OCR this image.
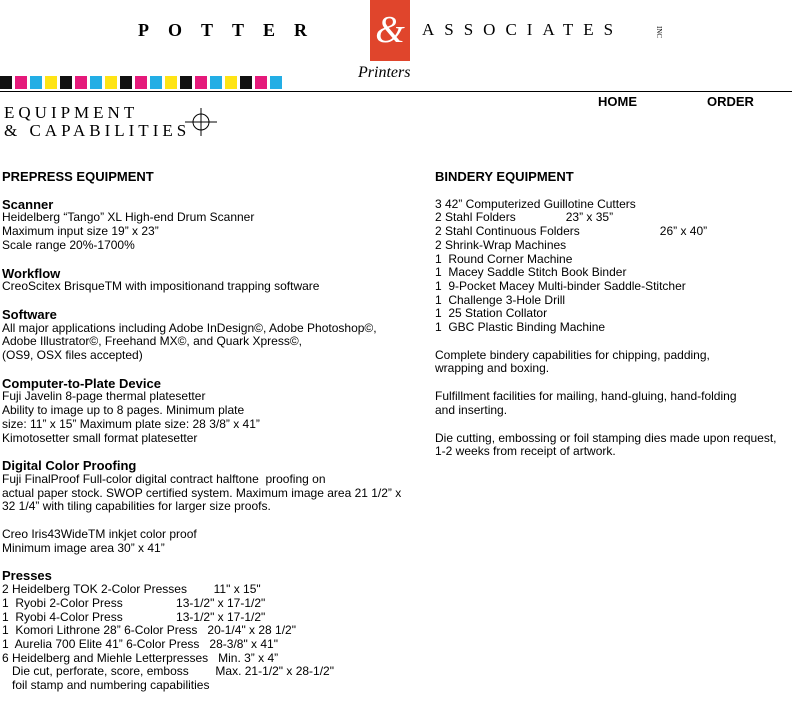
POTTER &	ASSOCIATES	INC
Printers
HOME	ORDER
EQUIPMENT
& CAPABILITIES
PREPRESS EQUIPMENT
Scanner
Heidelberg “Tango” XL High-end Drum Scanner
Maximum input size 19” x 23”
Scale range 20%-1700%
Workflow
CreoScitex BrisqueTM with impositionand trapping software
Software
All major applications including Adobe InDesign©, Adobe Photoshop©,
Adobe Illustrator©, Freehand MX©, and Quark Xpress©,
(OS9, OSX files accepted)
Computer-to-Plate Device
Fuji Javelin 8-page thermal platesetter
Ability to image up to 8 pages. Minimum plate
size: 11” x 15” Maximum plate size: 28 3/8” x 41”
Kimotosetter small format platesetter
Digital Color Proofing
Fuji FinalProof Full-color digital contract halftone  proofing on
actual paper stock. SWOP certified system. Maximum image area 21 1/2” x
32 1/4” with tiling capabilities for larger size proofs.
Creo Iris43WideTM inkjet color proof
Minimum image area 30” x 41”
Presses
2 Heidelberg TOK 2-Color Presses        11" x 15"
1  Ryobi 2-Color Press                13-1/2" x 17-1/2"
1  Ryobi 4-Color Press                13-1/2" x 17-1/2"
1  Komori Lithrone 28” 6-Color Press   20-1/4" x 28 1/2"
1  Aurelia 700 Elite 41” 6-Color Press   28-3/8" x 41"
6 Heidelberg and Miehle Letterpresses   Min. 3” x 4”
Die cut, perforate, score, emboss        Max. 21-1/2" x 28-1/2"
foil stamp and numbering capabilities
BINDERY EQUIPMENT
3 42” Computerized Guillotine Cutters
2 Stahl Folders               23” x 35”
2 Stahl Continuous Folders                        26” x 40”
2 Shrink-Wrap Machines
1  Round Corner Machine
1  Macey Saddle Stitch Book Binder
1  9-Pocket Macey Multi-binder Saddle-Stitcher
1  Challenge 3-Hole Drill
1  25 Station Collator
1  GBC Plastic Binding Machine
Complete bindery capabilities for chipping, padding,
wrapping and boxing.
Fulfillment facilities for mailing, hand-gluing, hand-folding
and inserting.
Die cutting, embossing or foil stamping dies made upon request,
1-2 weeks from receipt of artwork.
